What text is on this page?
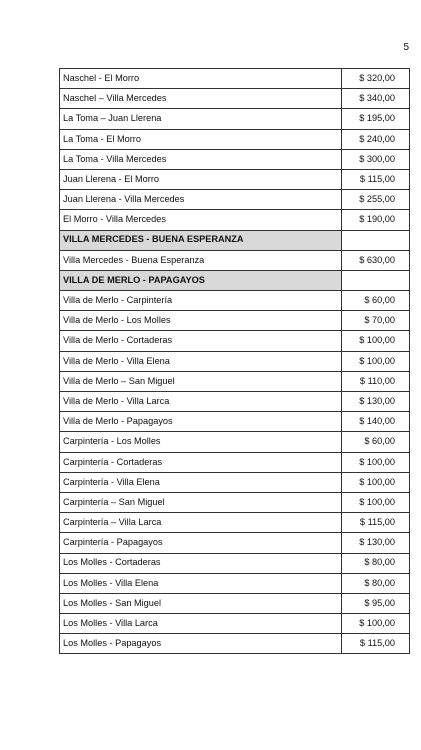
5
Naschel - El Morro	$ 320,00
Naschel – Villa Mercedes	$ 340,00
La Toma – Juan Llerena	$ 195,00
La Toma - El Morro	$ 240,00
La Toma - Villa Mercedes	$ 300,00
Juan Llerena - El Morro	$ 115,00
Juan Llerena - Villa Mercedes	$ 255,00
El Morro - Villa Mercedes	$ 190,00
VILLA MERCEDES - BUENA ESPERANZA	
Villa Mercedes - Buena Esperanza	$ 630,00
VILLA DE MERLO - PAPAGAYOS	
Villa de Merlo - Carpintería	$ 60,00
Villa de Merlo - Los Molles	$ 70,00
Villa de Merlo - Cortaderas	$ 100,00
Villa de Merlo - Villa Elena	$ 100,00
Villa de Merlo – San Miguel	$ 110,00
Villa de Merlo - Villa Larca	$ 130,00
Villa de Merlo - Papagayos	$ 140,00
Carpintería - Los Molles	$ 60,00
Carpintería - Cortaderas	$ 100,00
Carpintería - Villa Elena	$ 100,00
Carpintería – San Miguel	$ 100,00
Carpintería – Villa Larca	$ 115,00
Carpintería - Papagayos	$ 130,00
Los Molles - Cortaderas	$ 80,00
Los Molles - Villa Elena	$ 80,00
Los Molles - San Miguel	$ 95,00
Los Molles - Villa Larca	$ 100,00
Los Molles - Papagayos	$ 115,00
